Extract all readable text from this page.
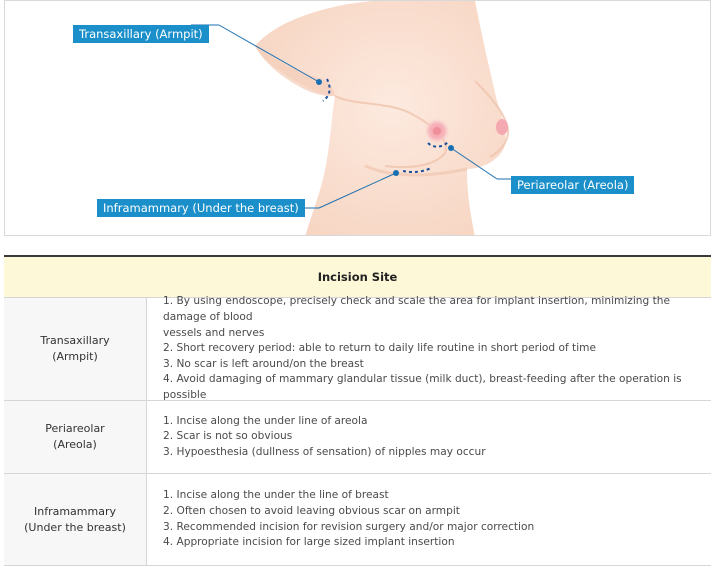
Transaxillary (Armpit)
Periareolar (Areola)
Inframammary (Under the breast)
Incision Site
Transaxillary
(Armpit)
1. By using endoscope, precisely check and scale the area for implant insertion, minimizing the damage of blood
vessels and nerves
2. Short recovery period: able to return to daily life routine in short period of time
3. No scar is left around/on the breast
4. Avoid damaging of mammary glandular tissue (milk duct), breast-feeding after the operation is possible
Periareolar
(Areola)
1. Incise along the under line of areola
2. Scar is not so obvious
3. Hypoesthesia (dullness of sensation) of nipples may occur
Inframammary
(Under the breast)
1. Incise along the under the line of breast
2. Often chosen to avoid leaving obvious scar on armpit
3. Recommended incision for revision surgery and/or major correction
4. Appropriate incision for large sized implant insertion
